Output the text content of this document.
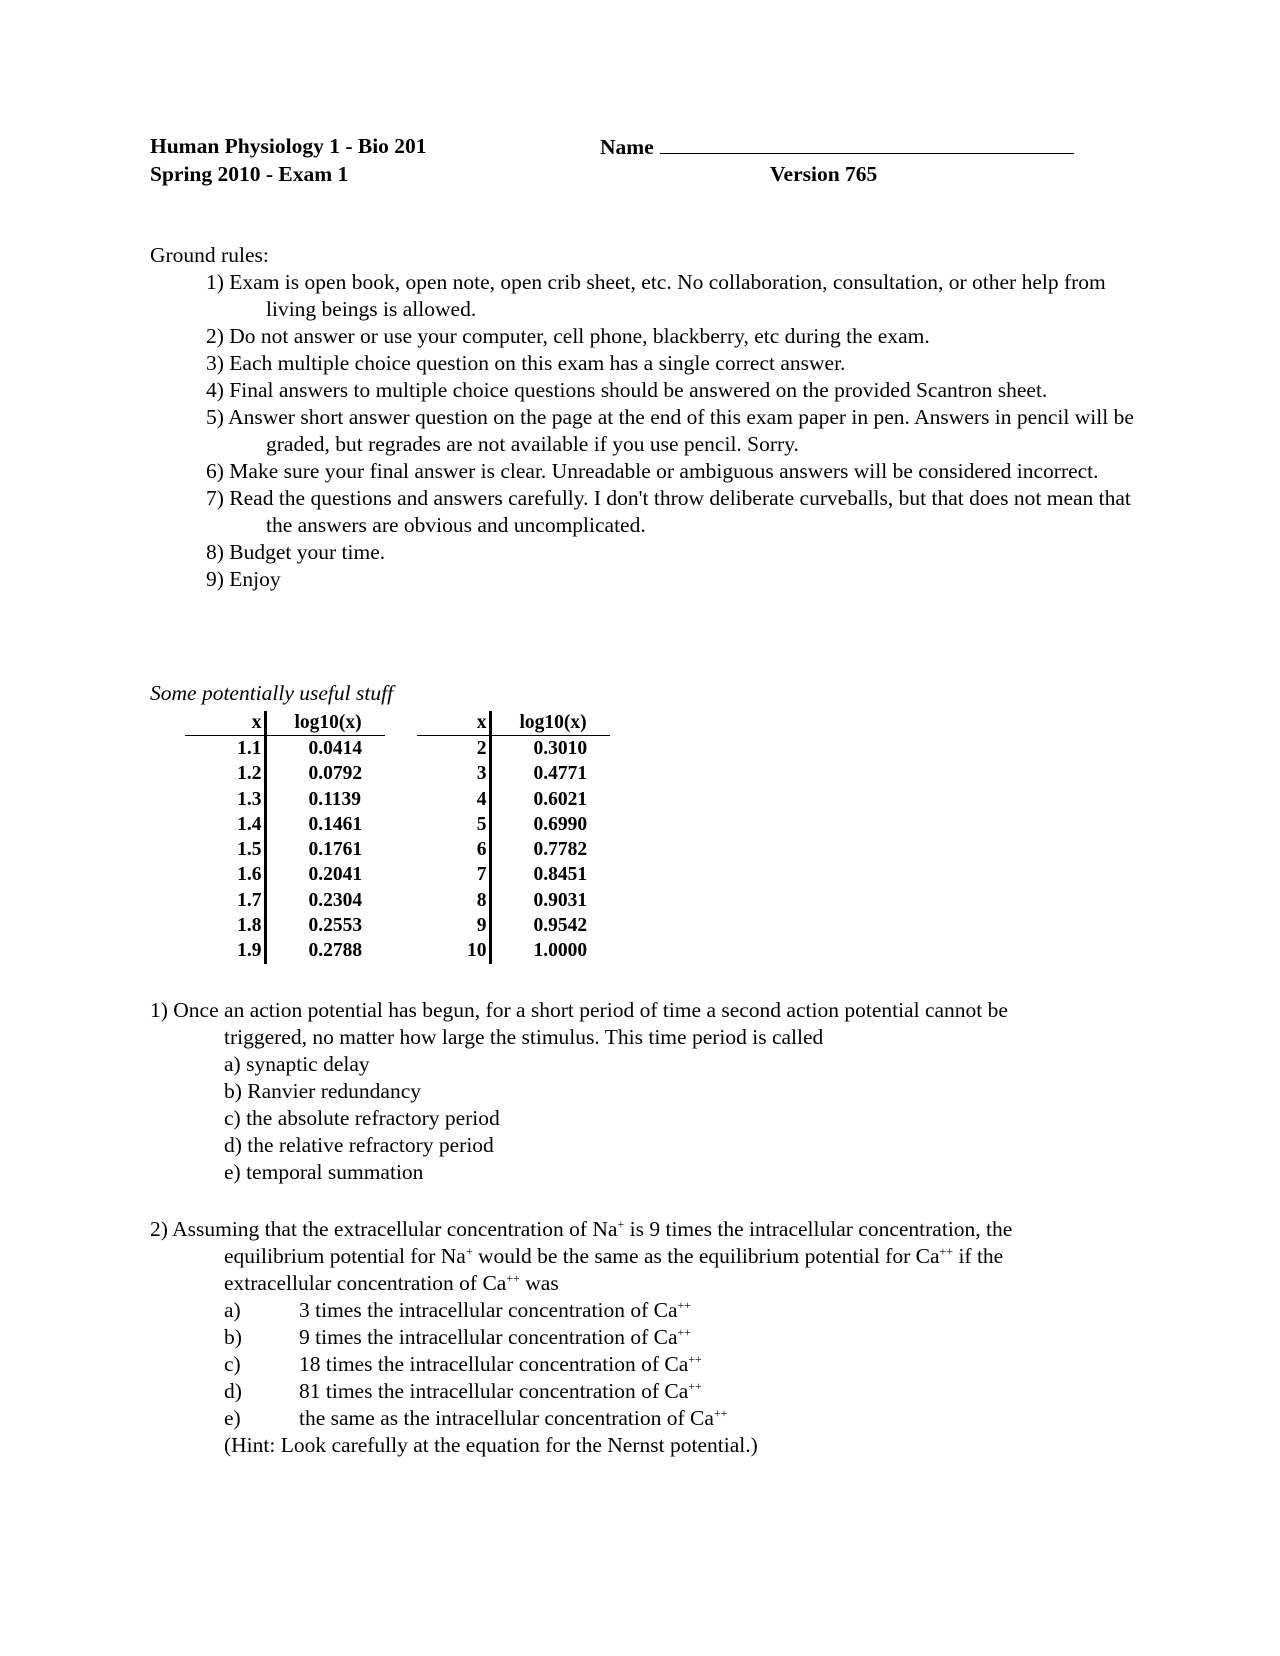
Human Physiology 1 - Bio 201
Spring 2010 - Exam 1
Name
Version 765

Ground rules:

1) Exam is open book, open note, open crib sheet, etc. No collaboration, consultation, or other help from living beings is allowed.

2) Do not answer or use your computer, cell phone, blackberry, etc during the exam.

3) Each multiple choice question on this exam has a single correct answer.

4) Final answers to multiple choice questions should be answered on the provided Scantron sheet.

5) Answer short answer question on the page at the end of this exam paper in pen. Answers in pencil will be graded, but regrades are not available if you use pencil. Sorry.

6) Make sure your final answer is clear. Unreadable or ambiguous answers will be considered incorrect.

7) Read the questions and answers carefully. I don't throw deliberate curveballs, but that does not mean that the answers are obvious and uncomplicated.

8) Budget your time.

9) Enjoy

Some potentially useful stuff
x	log10(x)
1.1	0.0414
1.2	0.0792
1.3	0.1139
1.4	0.1461
1.5	0.1761
1.6	0.2041
1.7	0.2304
1.8	0.2553
1.9	0.2788
x	log10(x)
2	0.3010
3	0.4771
4	0.6021
5	0.6990
6	0.7782
7	0.8451
8	0.9031
9	0.9542
10	1.0000

1) Once an action potential has begun, for a short period of time a second action potential cannot be

triggered, no matter how large the stimulus. This time period is called

a) synaptic delay

b) Ranvier redundancy

c) the absolute refractory period

d) the relative refractory period

e) temporal summation

2) Assuming that the extracellular concentration of Na+ is 9 times the intracellular concentration, the

equilibrium potential for Na+ would be the same as the equilibrium potential for Ca++ if the

extracellular concentration of Ca++ was

a)	3 times the intracellular concentration of Ca++
b)	9 times the intracellular concentration of Ca++
c)	18 times the intracellular concentration of Ca++
d)	81 times the intracellular concentration of Ca++
e)	the same as the intracellular concentration of Ca++

(Hint: Look carefully at the equation for the Nernst potential.)
